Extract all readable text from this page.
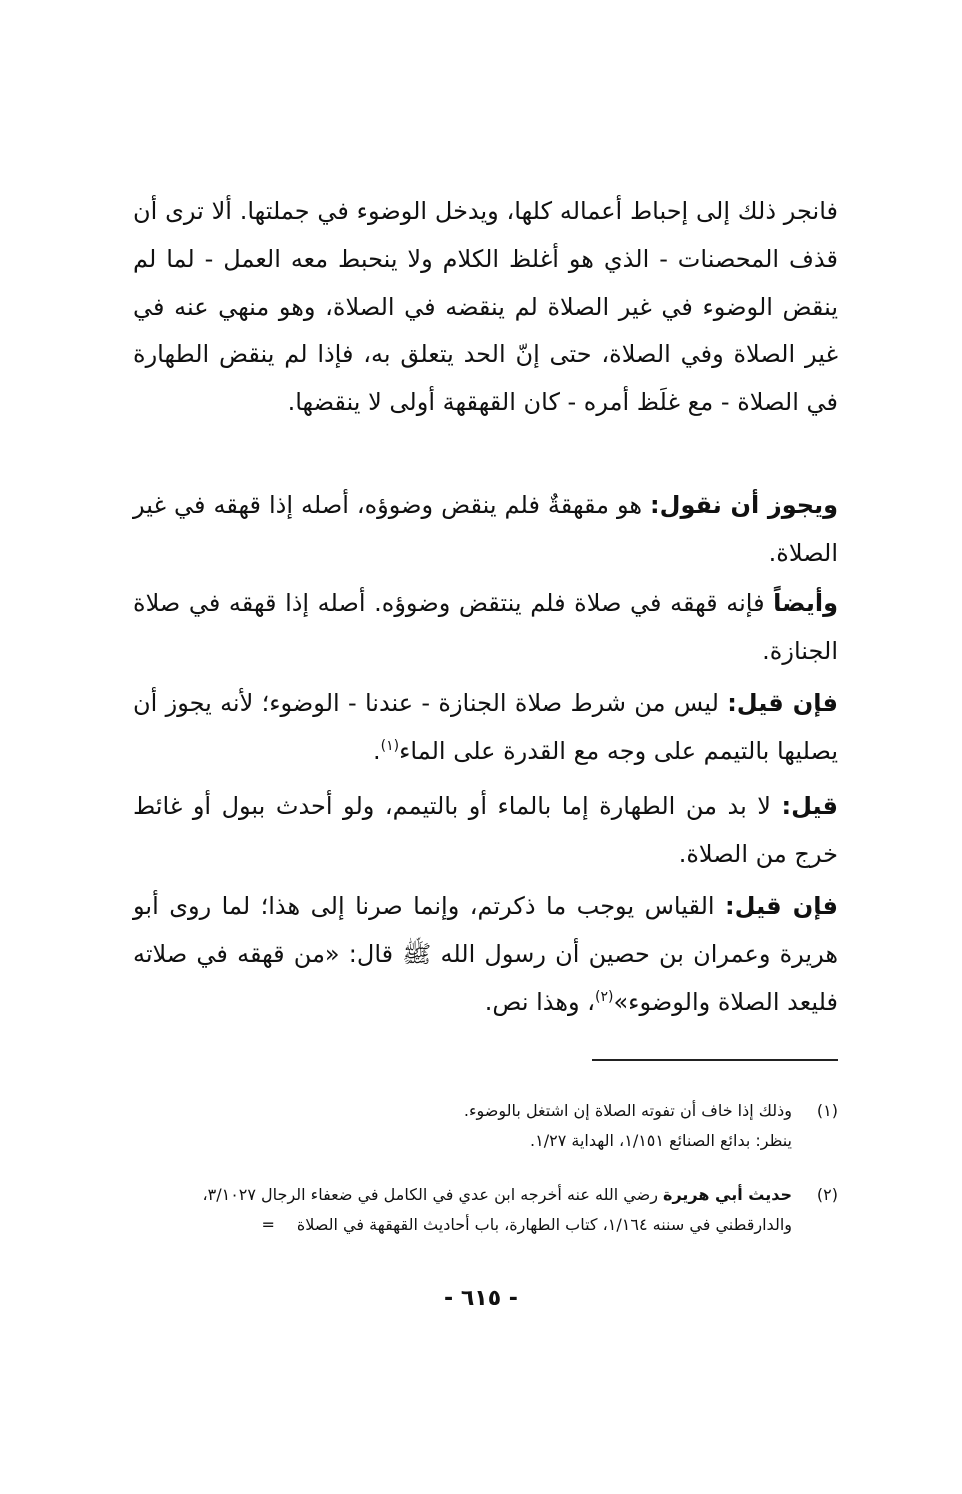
فانجر ذلك إلى إحباط أعماله كلها، ويدخل الوضوء في جملتها. ألا ترى أن قذف المحصنات - الذي هو أغلظ الكلام ولا ينحبط معه العمل - لما لم ينقض الوضوء في غير الصلاة لم ينقضه في الصلاة، وهو منهي عنه في غير الصلاة وفي الصلاة، حتى إنّ الحد يتعلق به، فإذا لم ينقض الطهارة في الصلاة - مع غلَظ أمره - كان القهقهة أولى لا ينقضها.

ويجوز أن نقول: هو مقهقةٌ فلم ينقض وضوؤه، أصله إذا قهقه في غير الصلاة.

وأيضاً فإنه قهقه في صلاة فلم ينتقض وضوؤه. أصله إذا قهقه في صلاة الجنازة.

فإن قيل: ليس من شرط صلاة الجنازة - عندنا - الوضوء؛ لأنه يجوز أن يصليها بالتيمم على وجه مع القدرة على الماء$^{(١)}$.

قيل: لا بد من الطهارة إما بالماء أو بالتيمم، ولو أحدث ببول أو غائط خرج من الصلاة.

فإن قيل: القياس يوجب ما ذكرتم، وإنما صرنا إلى هذا؛ لما روى أبو هريرة وعمران بن حصين أن رسول الله ﷺ قال: «من قهقه في صلاته فليعد الصلاة والوضوء»$^{(٢)}$، وهذا نص.

(١)
وذلك إذا خاف أن تفوته الصلاة إن اشتغل بالوضوء.
ينظر: بدائع الصنائع ١/١٥١، الهداية ١/٢٧.
(٢)
حديث أبي هريرة رضي الله عنه أخرجه ابن عدي في الكامل في ضعفاء الرجال ٣/١٠٢٧،
والدارقطني في سننه ١/١٦٤، كتاب الطهارة، باب أحاديث القهقهة في الصلاة=
- ٦١٥ -
